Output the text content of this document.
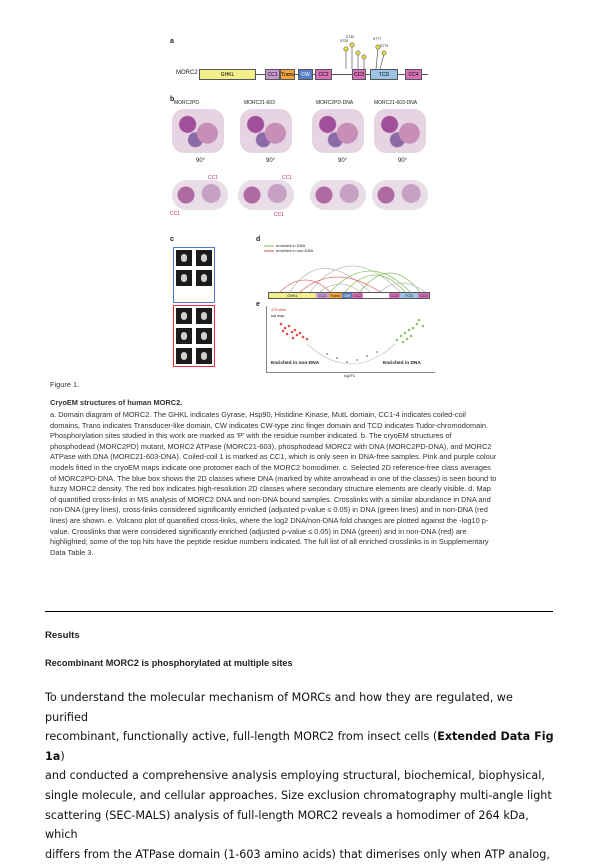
a
MORC2	GHKL	CC1 Trans	CW	CC2	CC3	TCD	CC4
S725
S730	S777
S779
b MORC2PD	MORC21-603	MORC2PD-DNA	MORC21-603-DNA
90°	90°	90°	90°
CC1
CC1
CC1
CC1
c	d
enriched in DNA
enriched in non-DNA
GHKL	CC1 Trans CW CC2	CC3	TCD	CC4
e
475 sites
sat map
Enriched in non-DNA	Enriched in DNA
log2FC
Figure 1.
CryoEM structures of human MORC2.
a. Domain diagram of MORC2. The GHKL indicates Gyrase, Hsp90, Histidine Kinase, MutL domain, CC1-4 indicates coiled-coil
domains, Trans indicates Transducer-like domain, CW indicates CW-type zinc finger domain and TCD indicates Tudor-chromodomain.
Phosphorylation sites studied in this work are marked as 'P' with the residue number indicated. b. The cryoEM structures of
phosphodead (MORC2PD) mutant, MORC2 ATPase (MORC21-603), phosphodead MORC2 with DNA (MORC2PD-DNA), and MORC2
ATPase with DNA (MORC21-603-DNA). Coiled-coil 1 is marked as CC1, which is only seen in DNA-free samples. Pink and purple colour
models fitted in the cryoEM maps indicate one protomer each of the MORC2 homodimer. c. Selected 2D reference-free class averages
of MORC2PD-DNA. The blue box shows the 2D classes where DNA (marked by white arrowhead in one of the classes) is seen bound to
fuzzy MORC2 density. The red box indicates high-resolution 2D classes where secondary structure elements are clearly visible. d. Map
of quantified cross-links in MS analysis of MORC2 DNA and non-DNA bound samples. Crosslinks with a similar abundance in DNA and
non-DNA (grey lines), cross-links considered significantly enriched (adjusted p-value ≤ 0.05) in DNA (green lines) and in non-DNA (red
lines) are shown. e. Volcano plot of quantified cross-links, where the log2 DNA/non-DNA fold changes are plotted against the -log10 p-
value. Crosslinks that were considered significantly enriched (adjusted p-value ≤ 0.05) in DNA (green) and in non-DNA (red) are
highlighted; some of the top hits have the peptide residue numbers indicated. The full list of all enriched crosslinks is in Supplementary
Data Table 3.
Results
Recombinant MORC2 is phosphorylated at multiple sites
To understand the molecular mechanism of MORCs and how they are regulated, we purified
recombinant, functionally active, full-length MORC2 from insect cells (Extended Data Fig 1a)
and conducted a comprehensive analysis employing structural, biochemical, biophysical,
single molecule, and cellular approaches. Size exclusion chromatography multi-angle light
scattering (SEC-MALS) analysis of full-length MORC2 reveals a homodimer of 264 kDa, which
differs from the ATPase domain (1-603 amino acids) that dimerises only when ATP analog,
